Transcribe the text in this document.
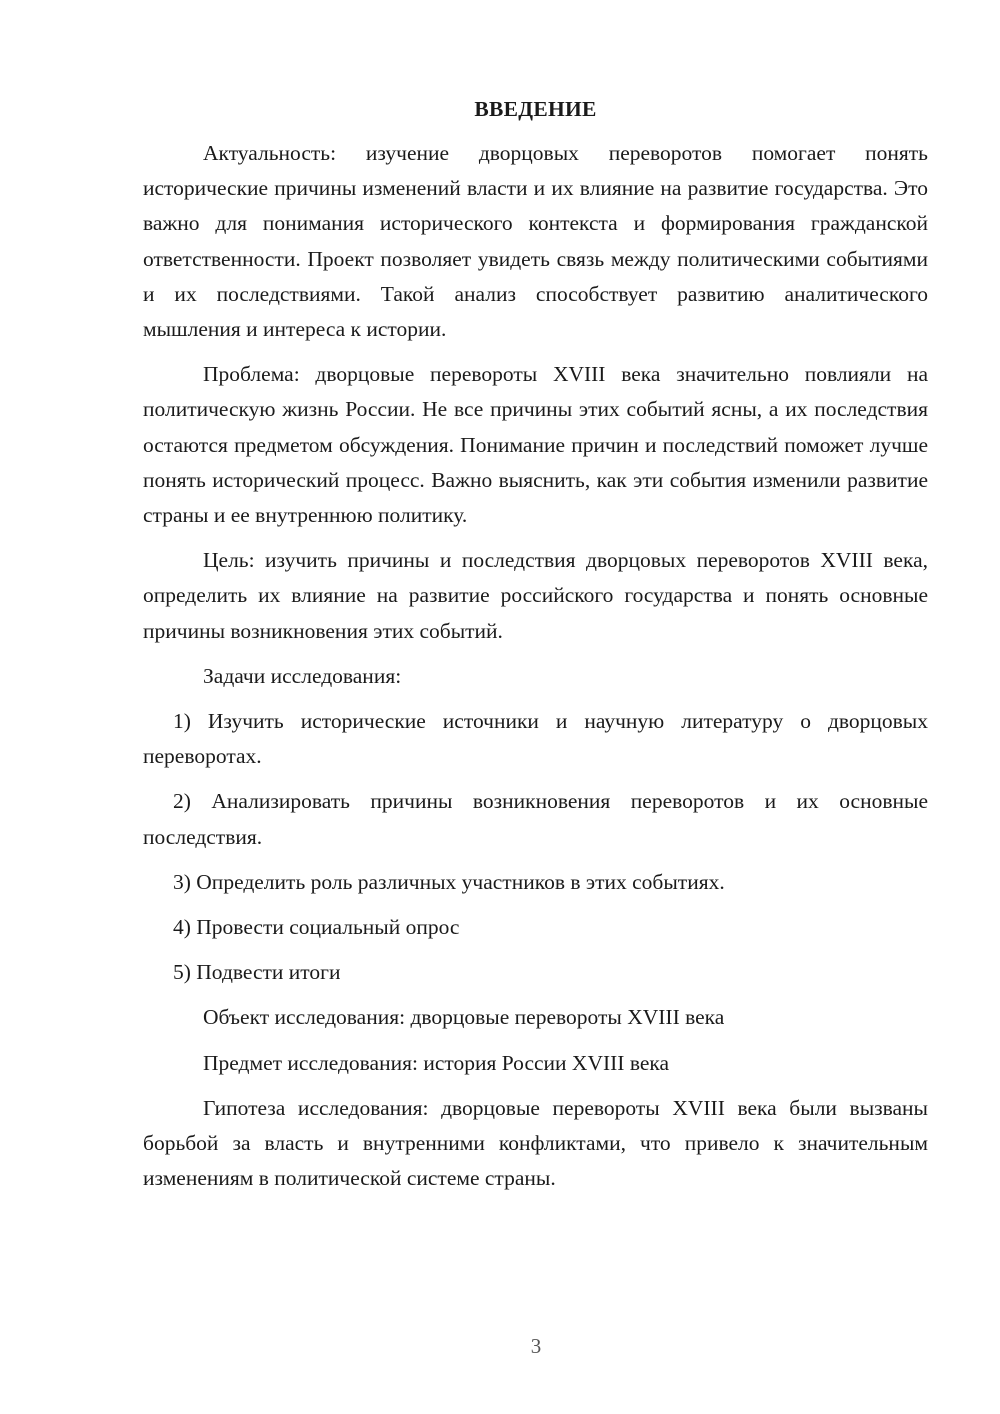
ВВЕДЕНИЕ

Актуальность: изучение дворцовых переворотов помогает понять исторические причины изменений власти и их влияние на развитие государства. Это важно для понимания исторического контекста и формирования гражданской ответственности. Проект позволяет увидеть связь между политическими событиями и их последствиями. Такой анализ способствует развитию аналитического мышления и интереса к истории.

Проблема: дворцовые перевороты XVIII века значительно повлияли на политическую жизнь России. Не все причины этих событий ясны, а их последствия остаются предметом обсуждения. Понимание причин и последствий поможет лучше понять исторический процесс. Важно выяснить, как эти события изменили развитие страны и ее внутреннюю политику.

Цель: изучить причины и последствия дворцовых переворотов XVIII века, определить их влияние на развитие российского государства и понять основные причины возникновения этих событий.

Задачи исследования:

1) Изучить исторические источники и научную литературу о дворцовых переворотах.

2) Анализировать причины возникновения переворотов и их основные последствия.

3) Определить роль различных участников в этих событиях.

4) Провести социальный опрос

5) Подвести итоги

Объект исследования: дворцовые перевороты XVIII века

Предмет исследования: история России XVIII века

Гипотеза исследования: дворцовые перевороты XVIII века были вызваны борьбой за власть и внутренними конфликтами, что привело к значительным изменениям в политической системе страны.

3
